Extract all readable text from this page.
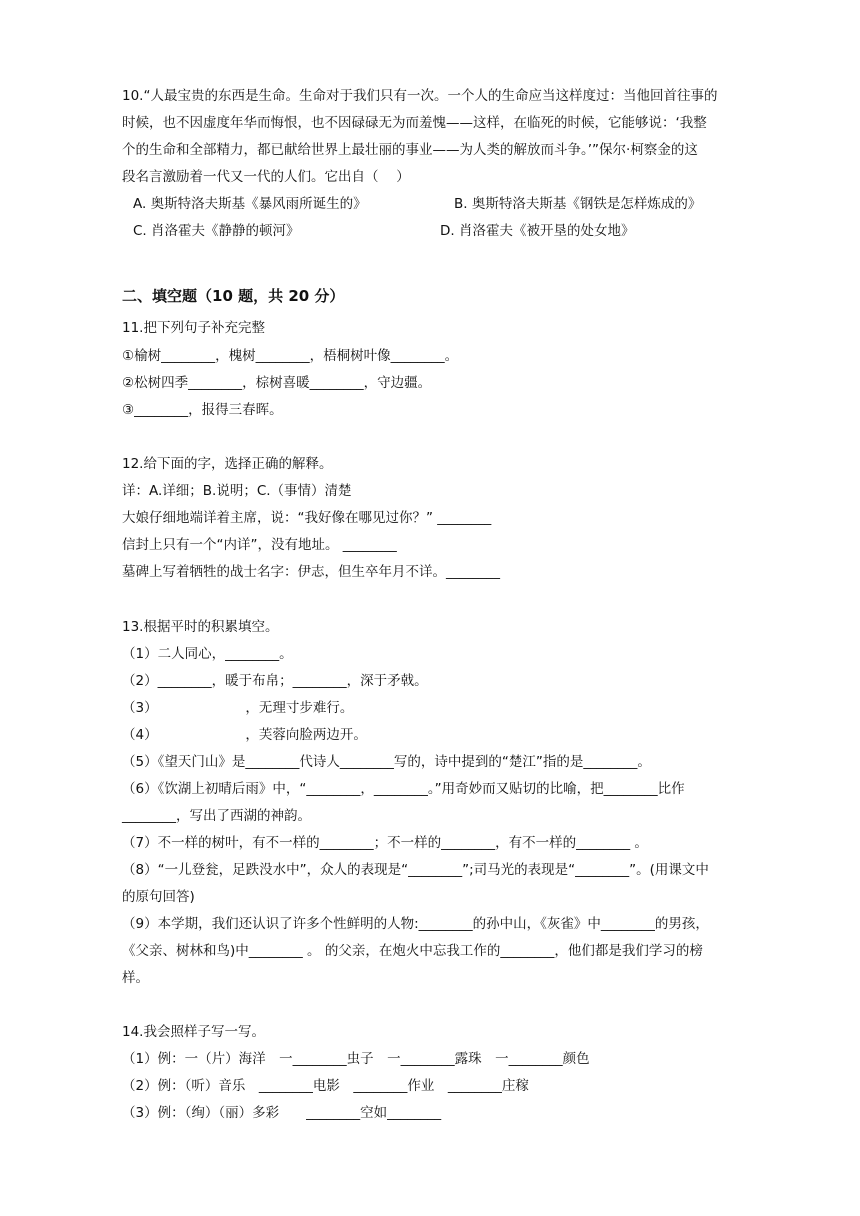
10.“人最宝贵的东西是生命。生命对于我们只有一次。一个人的生命应当这样度过：当他回首往事的
时候，也不因虚度年华而悔恨，也不因碌碌无为而羞愧——这样，在临死的时候，它能够说：‘我整
个的生命和全部精力，都已献给世界上最壮丽的事业——为人类的解放而斗争。’”保尔·柯察金的这
段名言激励着一代又一代的人们。它出自（　 ）
A. 奥斯特洛夫斯基《暴风雨所诞生的》	B. 奥斯特洛夫斯基《钢铁是怎样炼成的》
C. 肖洛霍夫《静静的顿河》	D. 肖洛霍夫《被开垦的处女地》
二、填空题（10 题，共 20 分）
11.把下列句子补充完整
①榆树________，槐树________，梧桐树叶像________。
②松树四季________，棕树喜暖________，守边疆。
③________，报得三春晖。
12.给下面的字，选择正确的解释。
详：A.详细；B.说明；C.（事情）清楚
大娘仔细地端详着主席，说：“我好像在哪见过你？” ________
信封上只有一个“内详”，没有地址。 ________
墓碑上写着牺牲的战士名字：伊志，但生卒年月不详。________
13.根据平时的积累填空。
（1）二人同心，________。
（2）________，暖于布帛；________，深于矛戟。
（3）　　　　　　　，无理寸步难行。
（4）　　　　　　　，芙蓉向脸两边开。
（5）《望天门山》是________代诗人________写的，诗中提到的“楚江”指的是________。
（6）《饮湖上初晴后雨》中，“________，________。”用奇妙而又贴切的比喻，把________比作
________，写出了西湖的神韵。
（7）不一样的树叶，有不一样的________；不一样的________，有不一样的________ 。
（8）“一儿登瓮，足跌没水中”，众人的表现是“________”;司马光的表现是“________”。(用课文中
的原句回答)
（9）本学期，我们还认识了许多个性鲜明的人物:________的孙中山，《灰雀》中________的男孩，
《父亲、树林和鸟)中________ 。 的父亲，在炮火中忘我工作的________，他们都是我们学习的榜
样。
14.我会照样子写一写。
（1）例：一（片）海洋　一________虫子　一________露珠　一________颜色
（2）例：（听）音乐　________电影　________作业　________庄稼
（3）例：（绚）（丽）多彩　　________空如________
